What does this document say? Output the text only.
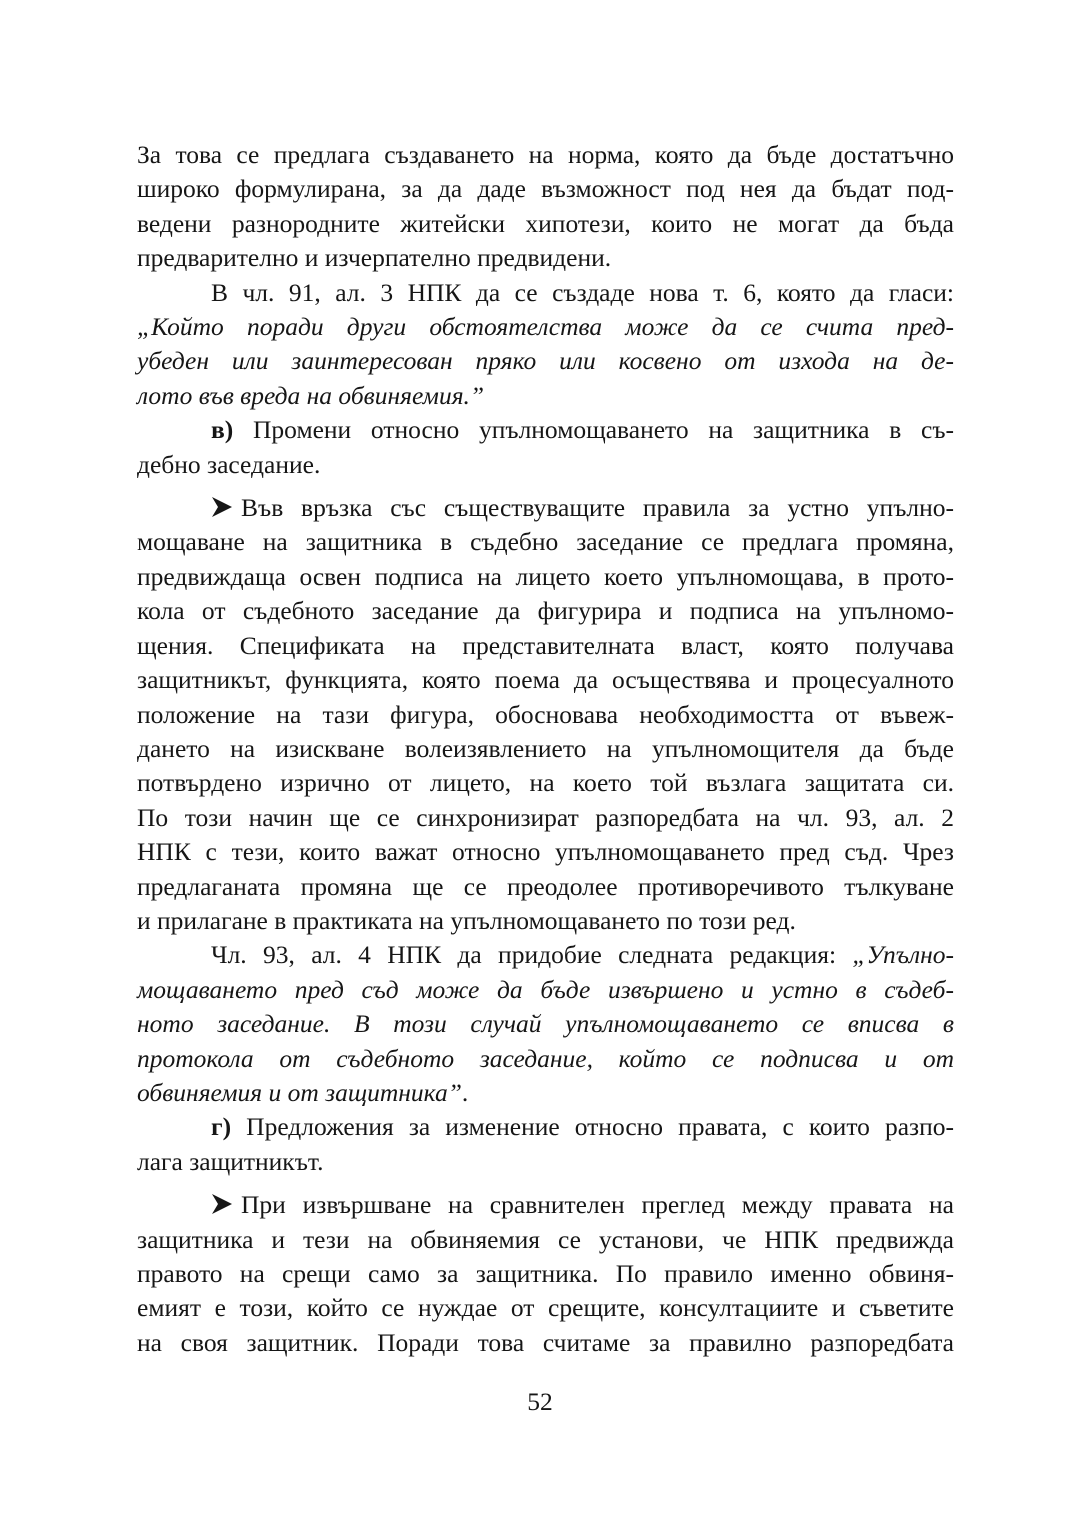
За това се предлага създаването на норма, която да бъде достатъчно
широко формулирана, за да даде възможност под нея да бъдат под-
ведени разнородните житейски хипотези, които не могат да бъда
предварително и изчерпателно предвидени.
В чл. 91, ал. 3 НПК да се създаде нова т. 6, която да гласи:
„Който поради други обстоятелства може да се счита пред-
убеден или заинтересован пряко или косвено от изхода на де-
лото във вреда на обвиняемия.”
в) Промени относно упълномощаването на защитника в съ-
дебно заседание.
Във връзка със съществуващите правила за устно упълно-
мощаване на защитника в съдебно заседание се предлага промяна,
предвиждаща освен подписа на лицето което упълномощава, в прото-
кола от съдебното заседание да фигурира и подписа на упълномо-
щения. Спецификата на представителната власт, която получава
защитникът, функцията, която поема да осъществява и процесуалното
положение на тази фигура, обосновава необходимостта от въвеж-
дането на изискване волеизявлението на упълномощителя да бъде
потвърдено изрично от лицето, на което той възлага защитата си.
По този начин ще се синхронизират разпоредбата на чл. 93, ал. 2
НПК с тези, които важат относно упълномощаването пред съд. Чрез
предлаганата промяна ще се преодолее противоречивото тълкуване
и прилагане в практиката на упълномощаването по този ред.
Чл. 93, ал. 4 НПК да придобие следната редакция: „Упълно-
мощаването пред съд може да бъде извършено и устно в съдеб-
ното заседание. В този случай упълномощаването се вписва в
протокола от съдебното заседание, който се подписва и от
обвиняемия и от защитника”.
г) Предложения за изменение относно правата, с които разпо-
лага защитникът.
При извършване на сравнителен преглед между правата на
защитника и тези на обвиняемия се установи, че НПК предвижда
правото на срещи само за защитника. По правило именно обвиня-
емият е този, който се нуждае от срещите, консултациите и съветите
на своя защитник. Поради това считаме за правилно разпоредбата
52
